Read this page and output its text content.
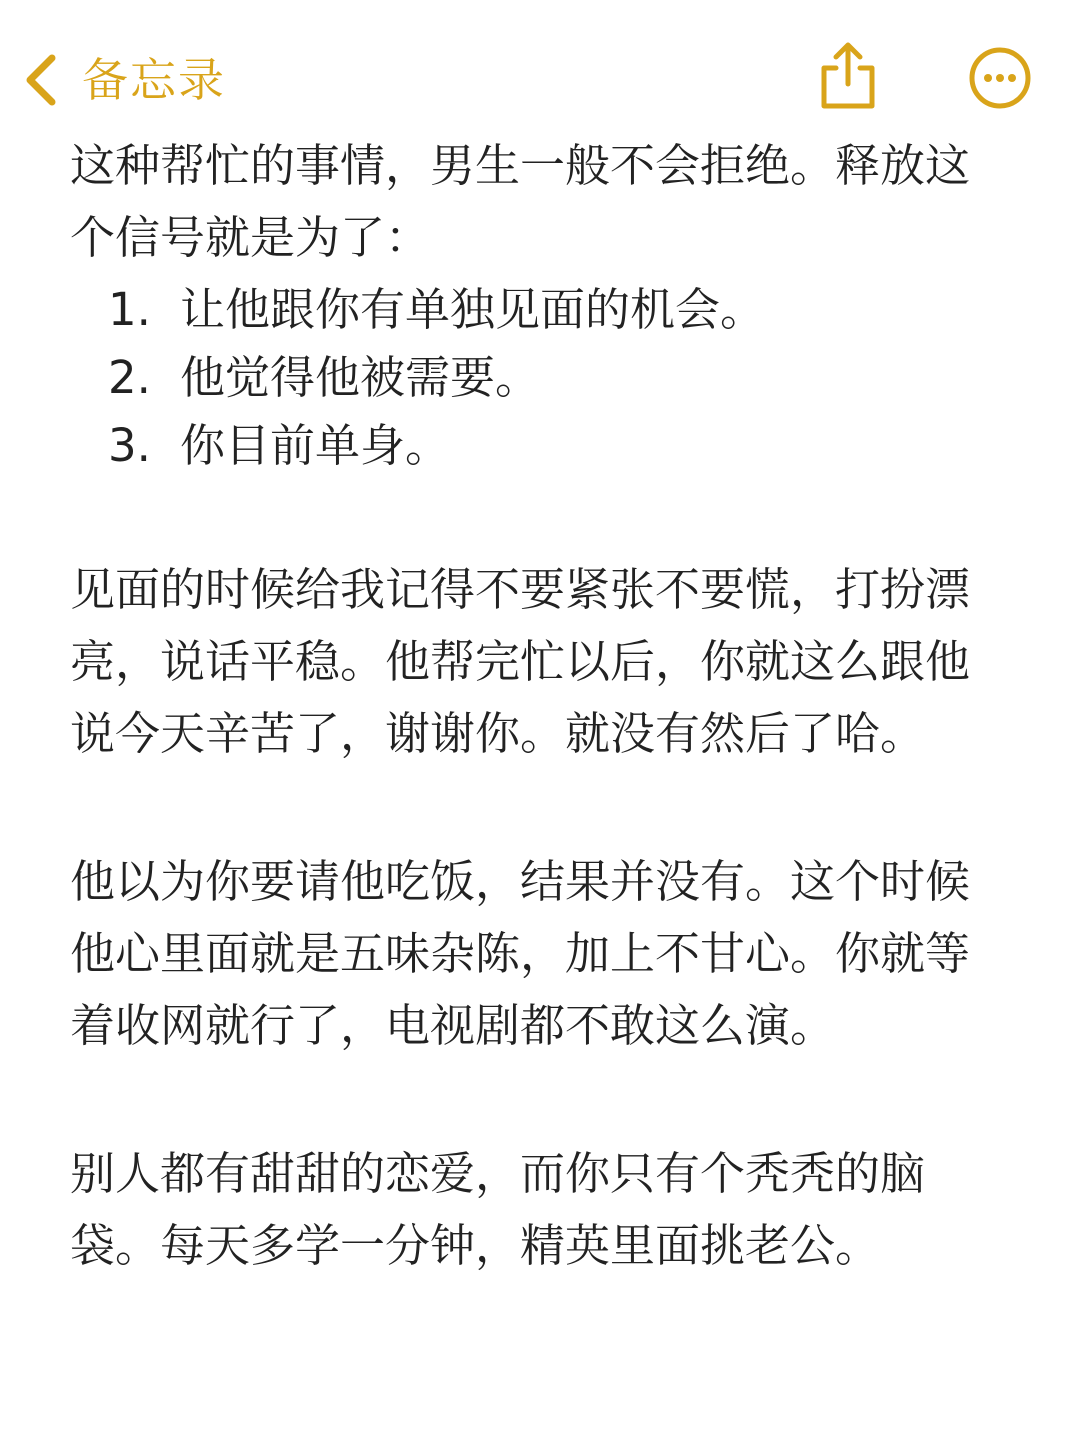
备忘录

这种帮忙的事情，男生一般不会拒绝。释放这个信号就是为了：

1. 让他跟你有单独见面的机会。
2. 他觉得他被需要。
3. 你目前单身。

见面的时候给我记得不要紧张不要慌，打扮漂亮，说话平稳。他帮完忙以后，你就这么跟他说今天辛苦了，谢谢你。就没有然后了哈。

他以为你要请他吃饭，结果并没有。这个时候他心里面就是五味杂陈，加上不甘心。你就等着收网就行了，电视剧都不敢这么演。

别人都有甜甜的恋爱，而你只有个秃秃的脑袋。每天多学一分钟，精英里面挑老公。
